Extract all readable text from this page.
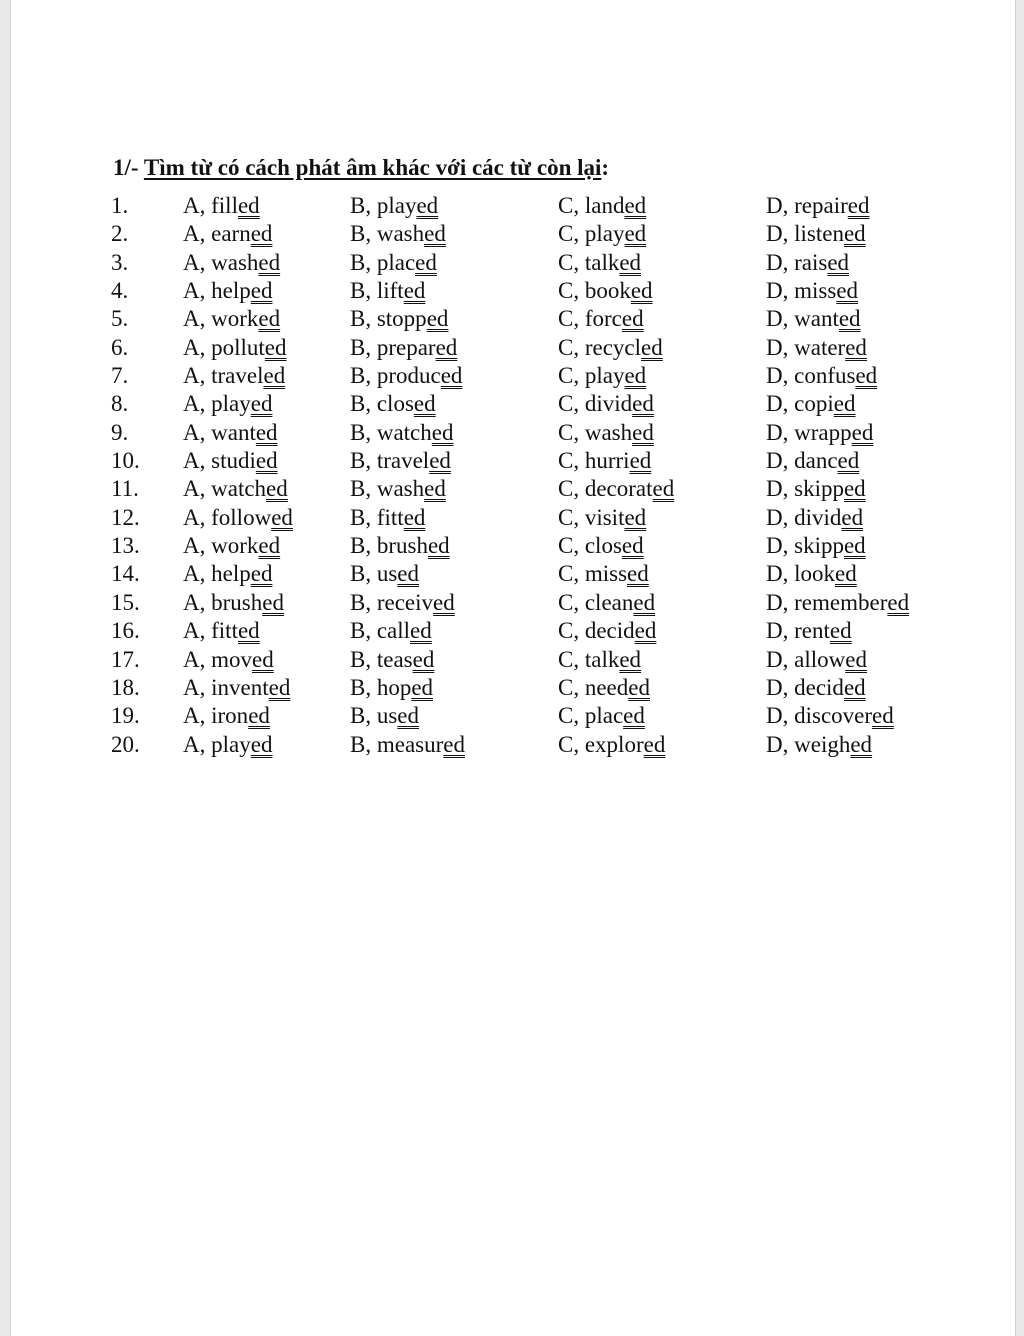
1/- Tìm từ có cách phát âm khác với các từ còn lại:
1. A, filled	B, played	C, landed	D, repaired
2. A, earned	B, washed	C, played	D, listened
3. A, washed	B, placed	C, talked	D, raised
4. A, helped	B, lifted	C, booked	D, missed
5. A, worked	B, stopped	C, forced	D, wanted
6. A, polluted	B, prepared	C, recycled	D, watered
7. A, traveled	B, produced	C, played	D, confused
8. A, played	B, closed	C, divided	D, copied
9. A, wanted	B, watched	C, washed	D, wrapped
10. A, studied	B, traveled	C, hurried	D, danced
11. A, watched	B, washed	C, decorated	D, skipped
12. A, followed B, fitted	C, visited	D, divided
13. A, worked	B, brushed	C, closed	D, skipped
14. A, helped	B, used	C, missed	D, looked
15. A, brushed	B, received	C, cleaned	D, remembered
16. A, fitted	B, called	C, decided	D, rented
17. A, moved	B, teased	C, talked	D, allowed
18. A, invented	B, hoped	C, needed	D, decided
19. A, ironed	B, used	C, placed	D, discovered
20. A, played	B, measured	C, explored	D, weighed
